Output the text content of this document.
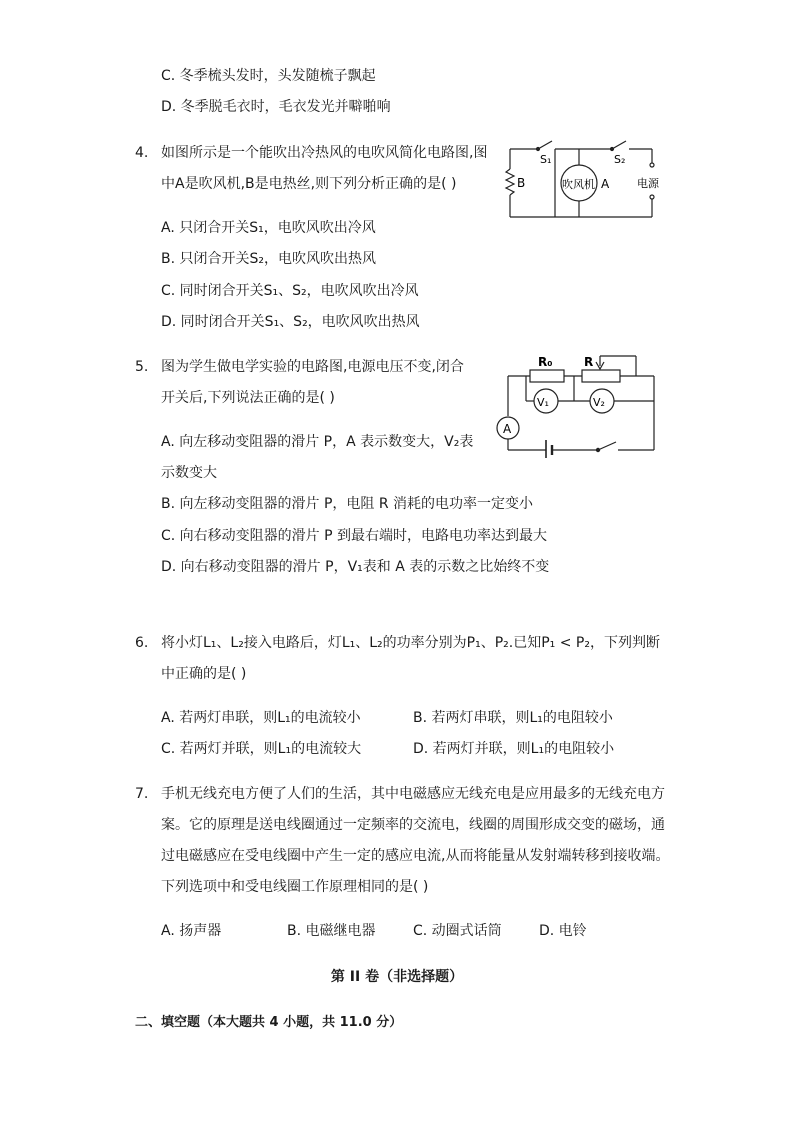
C. 冬季梳头发时，头发随梳子飘起
D. 冬季脱毛衣时，毛衣发光并噼啪响
4. 如图所示是一个能吹出冷热风的电吹风简化电路图,图
中A是吹风机,B是电热丝,则下列分析正确的是( )
A. 只闭合开关S₁，电吹风吹出冷风
B. 只闭合开关S₂，电吹风吹出热风
C. 同时闭合开关S₁、S₂，电吹风吹出冷风
D. 同时闭合开关S₁、S₂，电吹风吹出热风
S₁	S₂
B	吹风机 A	电源
5. 图为学生做电学实验的电路图,电源电压不变,闭合
开关后,下列说法正确的是( )
A. 向左移动变阻器的滑片 P，A 表示数变大，V₂表
示数变大
B. 向左移动变阻器的滑片 P，电阻 R 消耗的电功率一定变小
C. 向右移动变阻器的滑片 P 到最右端时，电路电功率达到最大
D. 向右移动变阻器的滑片 P，V₁表和 A 表的示数之比始终不变
R₀	R
V₁	V₂
A
6. 将小灯L₁、L₂接入电路后，灯L₁、L₂的功率分别为P₁、P₂.已知P₁ < P₂，下列判断
中正确的是( )
A. 若两灯串联，则L₁的电流较小	B. 若两灯串联，则L₁的电阻较小
C. 若两灯并联，则L₁的电流较大	D. 若两灯并联，则L₁的电阻较小
7. 手机无线充电方便了人们的生活，其中电磁感应无线充电是应用最多的无线充电方
案。它的原理是送电线圈通过一定频率的交流电，线圈的周围形成交变的磁场，通
过电磁感应在受电线圈中产生一定的感应电流,从而将能量从发射端转移到接收端。
下列选项中和受电线圈工作原理相同的是( )
A. 扬声器	B. 电磁继电器	C. 动圈式话筒	D. 电铃
第 II 卷（非选择题）
二、填空题（本大题共 4 小题，共 11.0 分）
